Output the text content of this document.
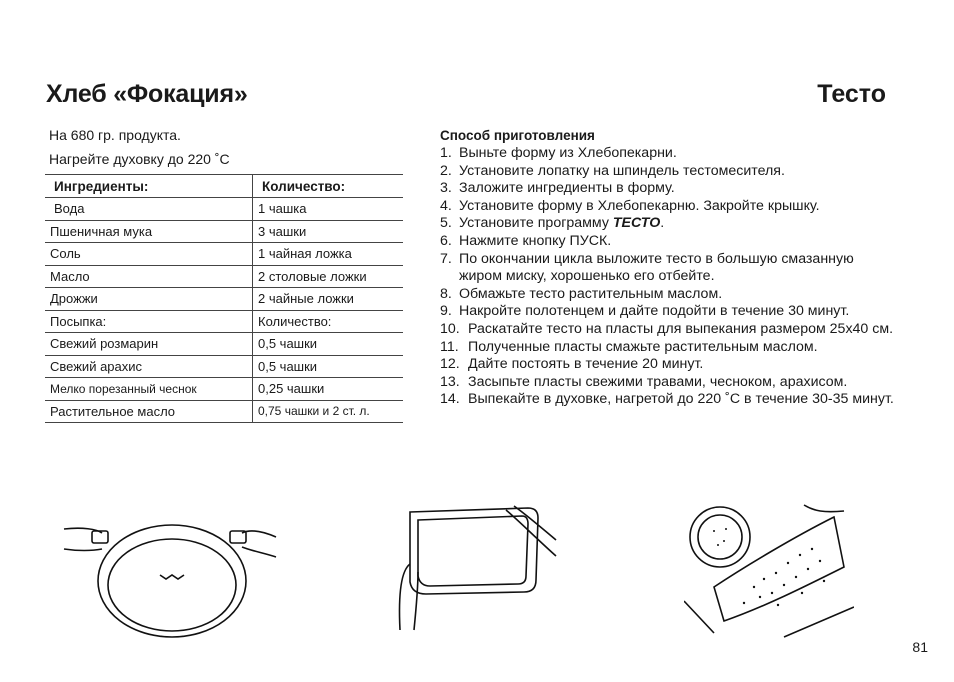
Хлеб «Фокация»	Тесто
На 680 гр. продукта.
Нагрейте духовку до 220 ˚С
Ингредиенты:	Количество:
Вода	1 чашка
Пшеничная мука	3 чашки
Соль	1 чайная ложка
Масло	2 столовые ложки
Дрожжи	2 чайные ложки
Посыпка:	Количество:
Свежий розмарин	0,5 чашки
Свежий арахис	0,5 чашки
Мелко порезанный чеснок	0,25 чашки
Растительное масло	0,75 чашки и 2 ст. л.
Способ приготовления
1. Выньте форму из Хлебопекарни.
2. Установите лопатку на шпиндель тестомесителя.
3. Заложите ингредиенты в форму.
4. Установите форму в Хлебопекарню. Закройте крышку.
5. Установите программу ТЕСТО.
6. Нажмите кнопку ПУСК.
7. По окончании цикла выложите тесто в большую смазанную жиром миску, хорошенько его отбейте.
8. Обмажьте тесто растительным маслом.
9. Накройте полотенцем и дайте подойти в течение 30 минут.
10. Раскатайте тесто на пласты для выпекания размером 25х40 см.
11. Полученные пласты смажьте растительным маслом.
12. Дайте постоять в течение 20 минут.
13. Засыпьте пласты свежими травами, чесноком, арахисом.
14. Выпекайте в духовке, нагретой до 220 ˚С в течение 30-35 минут.
81
